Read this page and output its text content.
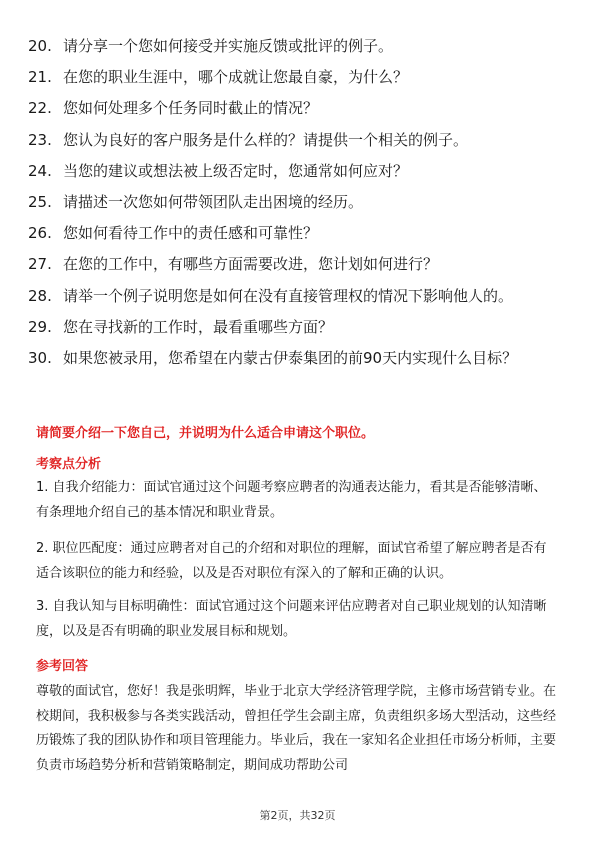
20. 请分享一个您如何接受并实施反馈或批评的例子。
21. 在您的职业生涯中，哪个成就让您最自豪，为什么？
22. 您如何处理多个任务同时截止的情况？
23. 您认为良好的客户服务是什么样的？请提供一个相关的例子。
24. 当您的建议或想法被上级否定时，您通常如何应对？
25. 请描述一次您如何带领团队走出困境的经历。
26. 您如何看待工作中的责任感和可靠性？
27. 在您的工作中，有哪些方面需要改进，您计划如何进行？
28. 请举一个例子说明您是如何在没有直接管理权的情况下影响他人的。
29. 您在寻找新的工作时，最看重哪些方面？
30. 如果您被录用，您希望在内蒙古伊泰集团的前90天内实现什么目标？
请简要介绍一下您自己，并说明为什么适合申请这个职位。
考察点分析
1. 自我介绍能力：面试官通过这个问题考察应聘者的沟通表达能力，看其是否能够清晰、有条理地介绍自己的基本情况和职业背景。
2. 职位匹配度：通过应聘者对自己的介绍和对职位的理解，面试官希望了解应聘者是否有适合该职位的能力和经验，以及是否对职位有深入的了解和正确的认识。
3. 自我认知与目标明确性：面试官通过这个问题来评估应聘者对自己职业规划的认知清晰度，以及是否有明确的职业发展目标和规划。
参考回答
尊敬的面试官，您好！我是张明辉，毕业于北京大学经济管理学院，主修市场营销专业。在校期间，我积极参与各类实践活动，曾担任学生会副主席，负责组织多场大型活动，这些经历锻炼了我的团队协作和项目管理能力。毕业后，我在一家知名企业担任市场分析师，主要负责市场趋势分析和营销策略制定，期间成功帮助公司
第2页，共32页
